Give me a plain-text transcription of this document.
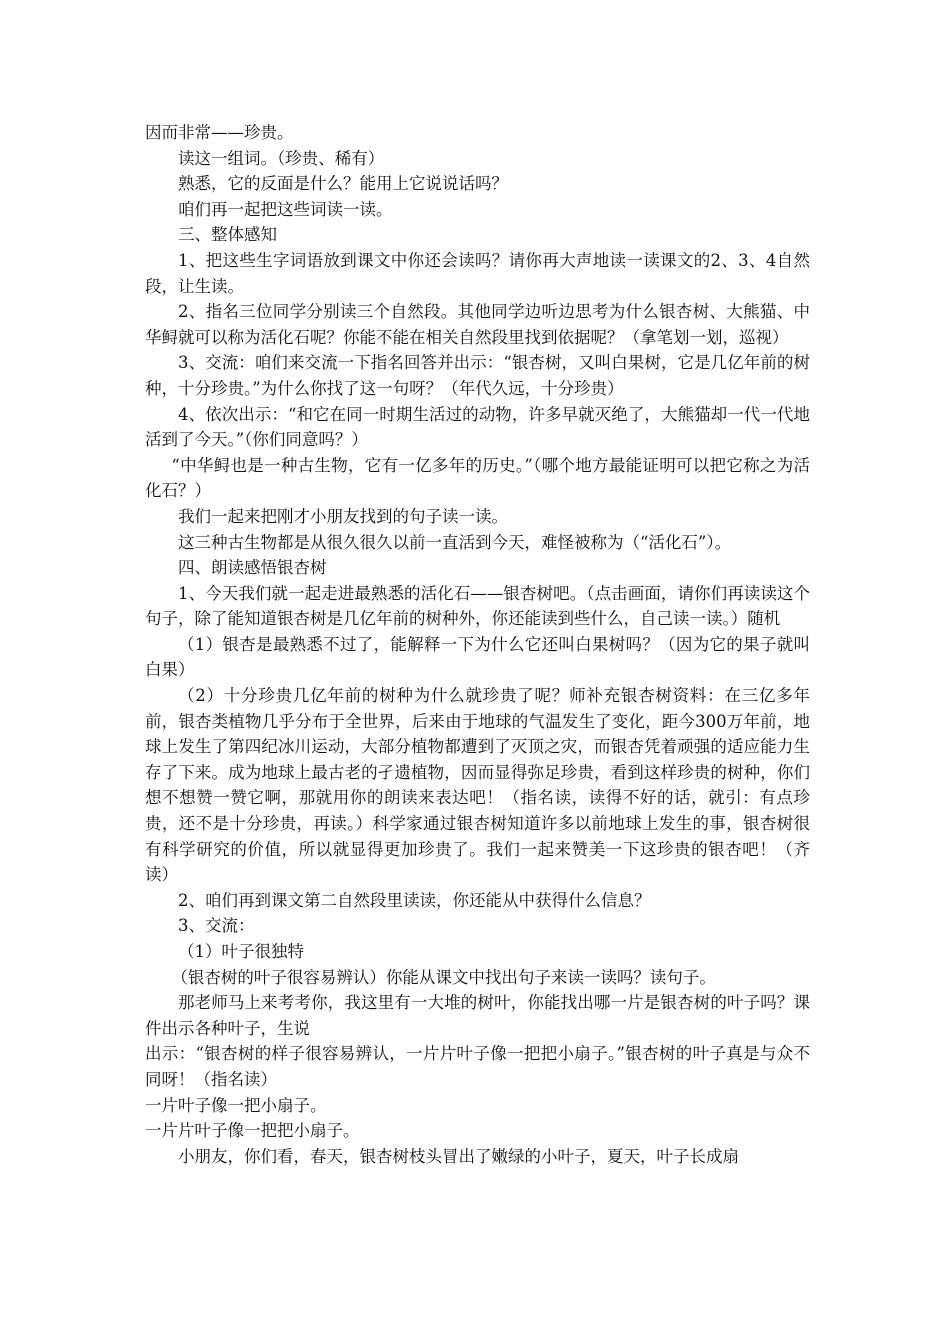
因而非常——珍贵。

读这一组词。（珍贵、稀有）

熟悉，它的反面是什么？能用上它说说话吗？

咱们再一起把这些词读一读。

三、整体感知

1、把这些生字词语放到课文中你还会读吗？请你再大声地读一读课文的2、3、4自然段，让生读。

2、指名三位同学分别读三个自然段。其他同学边听边思考为什么银杏树、大熊猫、中华鲟就可以称为活化石呢？你能不能在相关自然段里找到依据呢？（拿笔划一划，巡视）

3、交流：咱们来交流一下指名回答并出示：“银杏树，又叫白果树，它是几亿年前的树种，十分珍贵。”为什么你找了这一句呀？（年代久远，十分珍贵）

4、依次出示：“和它在同一时期生活过的动物，许多早就灭绝了，大熊猫却一代一代地活到了今天。”（你们同意吗？）

“中华鲟也是一种古生物，它有一亿多年的历史。”（哪个地方最能证明可以把它称之为活化石？）

我们一起来把刚才小朋友找到的句子读一读。

这三种古生物都是从很久很久以前一直活到今天，难怪被称为（“活化石”）。

四、朗读感悟银杏树

1、今天我们就一起走进最熟悉的活化石——银杏树吧。（点击画面，请你们再读读这个句子，除了能知道银杏树是几亿年前的树种外，你还能读到些什么，自己读一读。）随机

（1）银杏是最熟悉不过了，能解释一下为什么它还叫白果树吗？（因为它的果子就叫白果）

（2）十分珍贵几亿年前的树种为什么就珍贵了呢？师补充银杏树资料：在三亿多年前，银杏类植物几乎分布于全世界，后来由于地球的气温发生了变化，距今300万年前，地球上发生了第四纪冰川运动，大部分植物都遭到了灭顶之灾，而银杏凭着顽强的适应能力生存了下来。成为地球上最古老的孑遗植物，因而显得弥足珍贵，看到这样珍贵的树种，你们想不想赞一赞它啊，那就用你的朗读来表达吧！（指名读，读得不好的话，就引：有点珍贵，还不是十分珍贵，再读。）科学家通过银杏树知道许多以前地球上发生的事，银杏树很有科学研究的价值，所以就显得更加珍贵了。我们一起来赞美一下这珍贵的银杏吧！（齐读）

2、咱们再到课文第二自然段里读读，你还能从中获得什么信息？

3、交流：

（1）叶子很独特

（银杏树的叶子很容易辨认）你能从课文中找出句子来读一读吗？读句子。

那老师马上来考考你，我这里有一大堆的树叶，你能找出哪一片是银杏树的叶子吗？课件出示各种叶子，生说

出示：“银杏树的样子很容易辨认，一片片叶子像一把把小扇子。”银杏树的叶子真是与众不同呀！（指名读）

一片叶子像一把小扇子。

一片片叶子像一把把小扇子。

小朋友，你们看，春天，银杏树枝头冒出了嫩绿的小叶子，夏天，叶子长成扇
